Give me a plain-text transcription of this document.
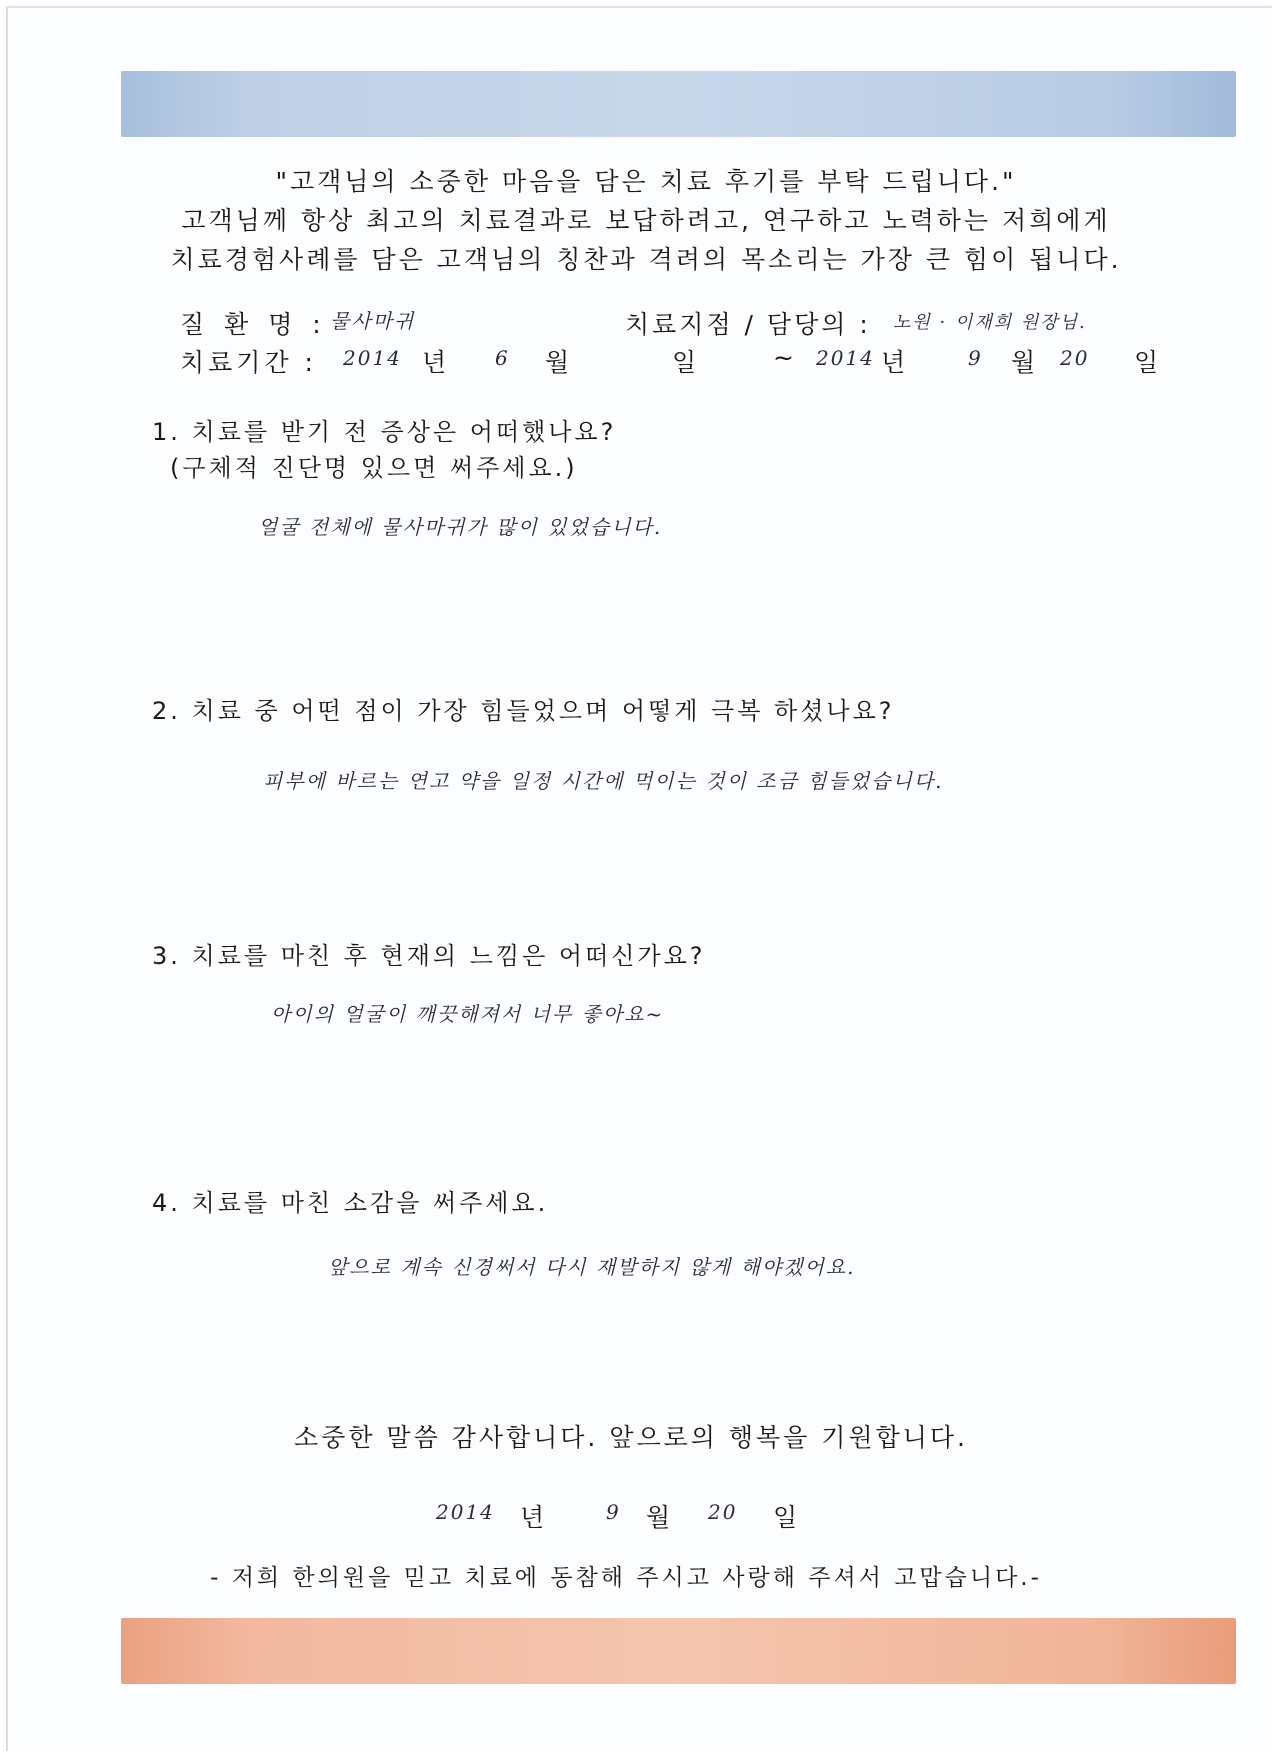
"고객님의 소중한 마음을 담은 치료 후기를 부탁 드립니다."
고객님께 항상 최고의 치료결과로 보답하려고, 연구하고 노력하는 저희에게
치료경험사례를 담은 고객님의 칭찬과 격려의 목소리는 가장 큰 힘이 됩니다.
질 환 명 : 물사마귀	치료지점 / 담당의 : 노원 · 이재희 원장님.
치료기간 : 2014 년 6 월	일	~ 2014 년	9 월 20 일
1. 치료를 받기 전 증상은 어떠했나요?
(구체적 진단명 있으면 써주세요.)
얼굴 전체에 물사마귀가 많이 있었습니다.
2. 치료 중 어떤 점이 가장 힘들었으며 어떻게 극복 하셨나요?
피부에 바르는 연고 약을 일정 시간에 먹이는 것이 조금 힘들었습니다.
3. 치료를 마친 후 현재의 느낌은 어떠신가요?
아이의 얼굴이 깨끗해져서 너무 좋아요~
4. 치료를 마친 소감을 써주세요.
앞으로 계속 신경써서 다시 재발하지 않게 해야겠어요.
소중한 말씀 감사합니다. 앞으로의 행복을 기원합니다.
2014 년	9 월 20 일
- 저희 한의원을 믿고 치료에 동참해 주시고 사랑해 주셔서 고맙습니다.-
